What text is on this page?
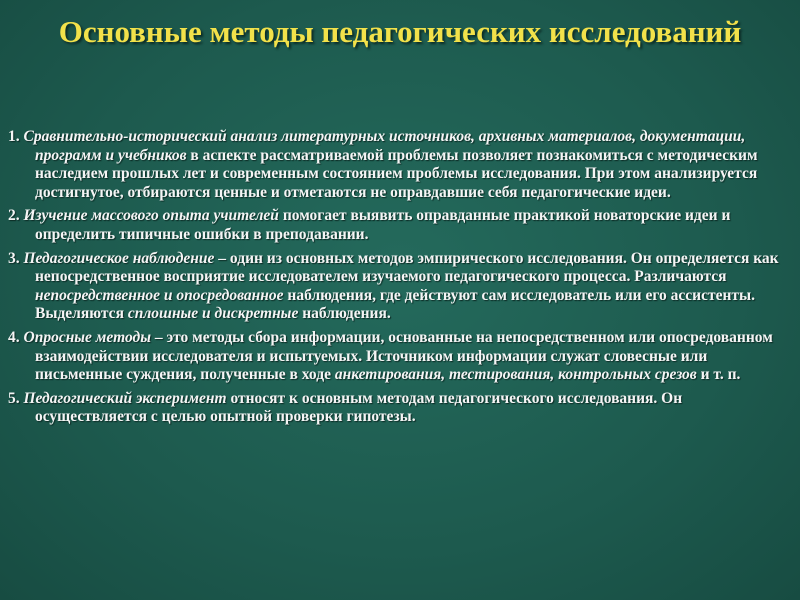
Основные методы педагогических исследований
1. Сравнительно-исторический анализ литературных источников, архивных материалов, документации, программ и учебников в аспекте рассматриваемой проблемы позволяет познакомиться с методическим наследием прошлых лет и современным состоянием проблемы исследования. При этом анализируется достигнутое, отбираются ценные и отметаются не оправдавшие себя педагогические идеи.
2. Изучение массового опыта учителей помогает выявить оправданные практикой новаторские идеи и определить типичные ошибки в преподавании.
3. Педагогическое наблюдение – один из основных методов эмпирического исследования. Он определяется как непосредственное восприятие исследователем изучаемого педагогического процесса. Различаются непосредственное и опосредованное наблюдения, где действуют сам исследователь или его ассистенты. Выделяются сплошные и дискретные наблюдения.
4. Опросные методы – это методы сбора информации, основанные на непосредственном или опосредованном взаимодействии исследователя и испытуемых. Источником информации служат словесные или письменные суждения, полученные в ходе анкетирования, тестирования, контрольных срезов и т. п.
5. Педагогический эксперимент относят к основным методам педагогического исследования. Он осуществляется с целью опытной проверки гипотезы.
